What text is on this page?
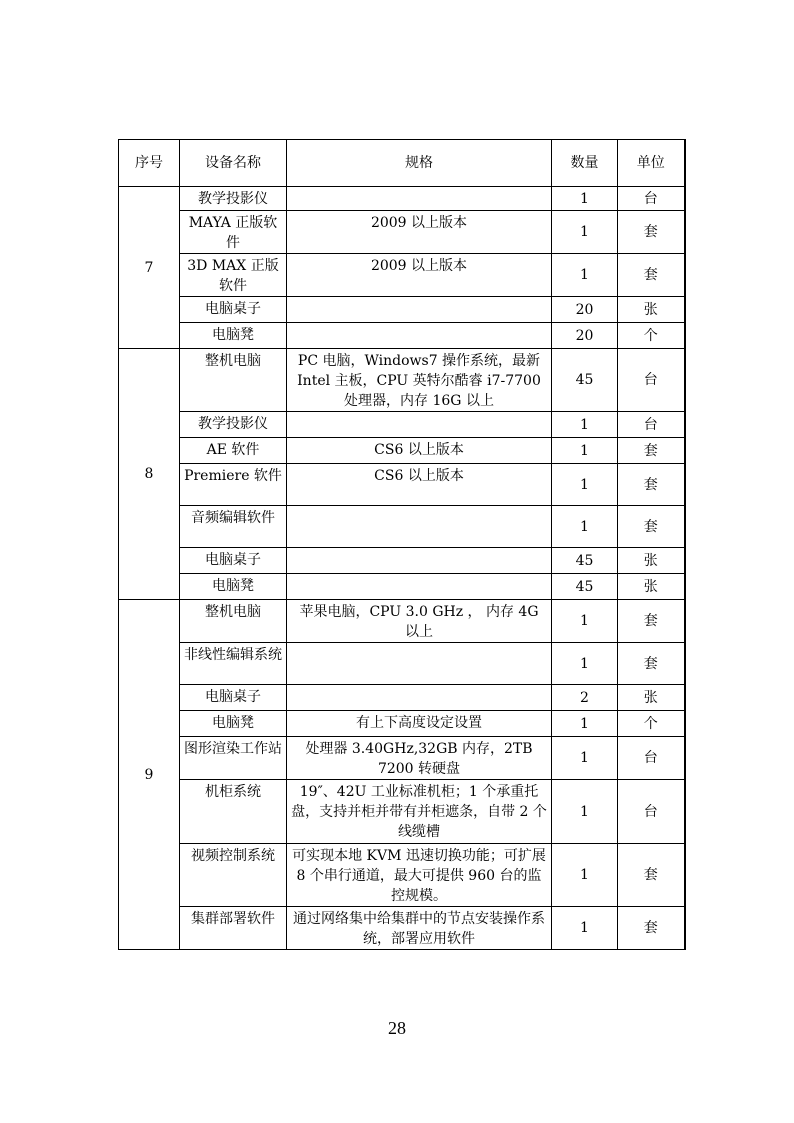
序号	设备名称	规格	数量	单位
7	教学投影仪		1	台
	MAYA 正版软件	2009 以上版本	1	套
	3D MAX 正版软件	2009 以上版本	1	套
	电脑桌子		20	张
	电脑凳		20	个
8	整机电脑	PC 电脑，Windows7 操作系统，最新 Intel 主板，CPU 英特尔酷睿 i7-7700 处理器，内存 16G 以上	45	台
	教学投影仪		1	台
	AE 软件	CS6 以上版本	1	套
	Premiere 软件	CS6 以上版本	1	套
	音频编辑软件		1	套
	电脑桌子		45	张
	电脑凳		45	张
9	整机电脑	苹果电脑，CPU 3.0 GHz ， 内存 4G 以上	1	套
	非线性编辑系统		1	套
	电脑桌子		2	张
	电脑凳	有上下高度设定设置	1	个
	图形渲染工作站	处理器 3.40GHz,32GB 内存，2TB 7200 转硬盘	1	台
	机柜系统	19″、42U 工业标准机柜；1 个承重托盘，支持并柜并带有并柜遮条，自带 2 个线缆槽	1	台
	视频控制系统	可实现本地 KVM 迅速切换功能；可扩展 8 个串行通道，最大可提供 960 台的监控规模。	1	套
	集群部署软件	通过网络集中给集群中的节点安装操作系统，部署应用软件	1	套
28
